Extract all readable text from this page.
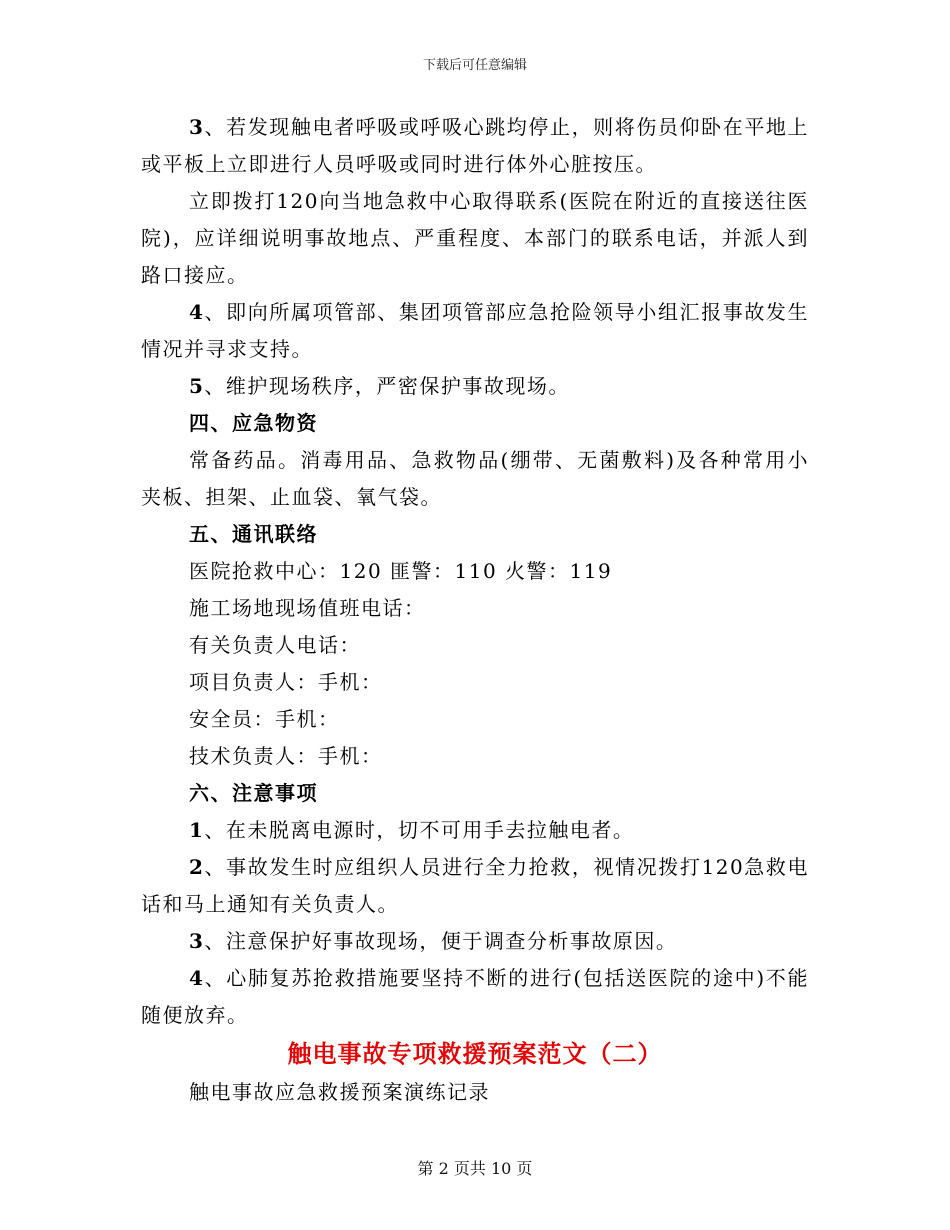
下载后可任意编辑

3、若发现触电者呼吸或呼吸心跳均停止，则将伤员仰卧在平地上或平板上立即进行人员呼吸或同时进行体外心脏按压。

立即拨打120向当地急救中心取得联系(医院在附近的直接送往医院)，应详细说明事故地点、严重程度、本部门的联系电话，并派人到路口接应。

4、即向所属项管部、集团项管部应急抢险领导小组汇报事故发生情况并寻求支持。

5、维护现场秩序，严密保护事故现场。

四、应急物资

常备药品。消毒用品、急救物品(绷带、无菌敷料)及各种常用小夹板、担架、止血袋、氧气袋。

五、通讯联络

医院抢救中心：120 匪警：110 火警：119

施工场地现场值班电话：

有关负责人电话：

项目负责人：手机：

安全员：手机：

技术负责人：手机：

六、注意事项

1、在未脱离电源时，切不可用手去拉触电者。

2、事故发生时应组织人员进行全力抢救，视情况拨打120急救电话和马上通知有关负责人。

3、注意保护好事故现场，便于调查分析事故原因。

4、心肺复苏抢救措施要坚持不断的进行(包括送医院的途中)不能随便放弃。

触电事故专项救援预案范文（二）

触电事故应急救援预案演练记录

第 2 页共 10 页
